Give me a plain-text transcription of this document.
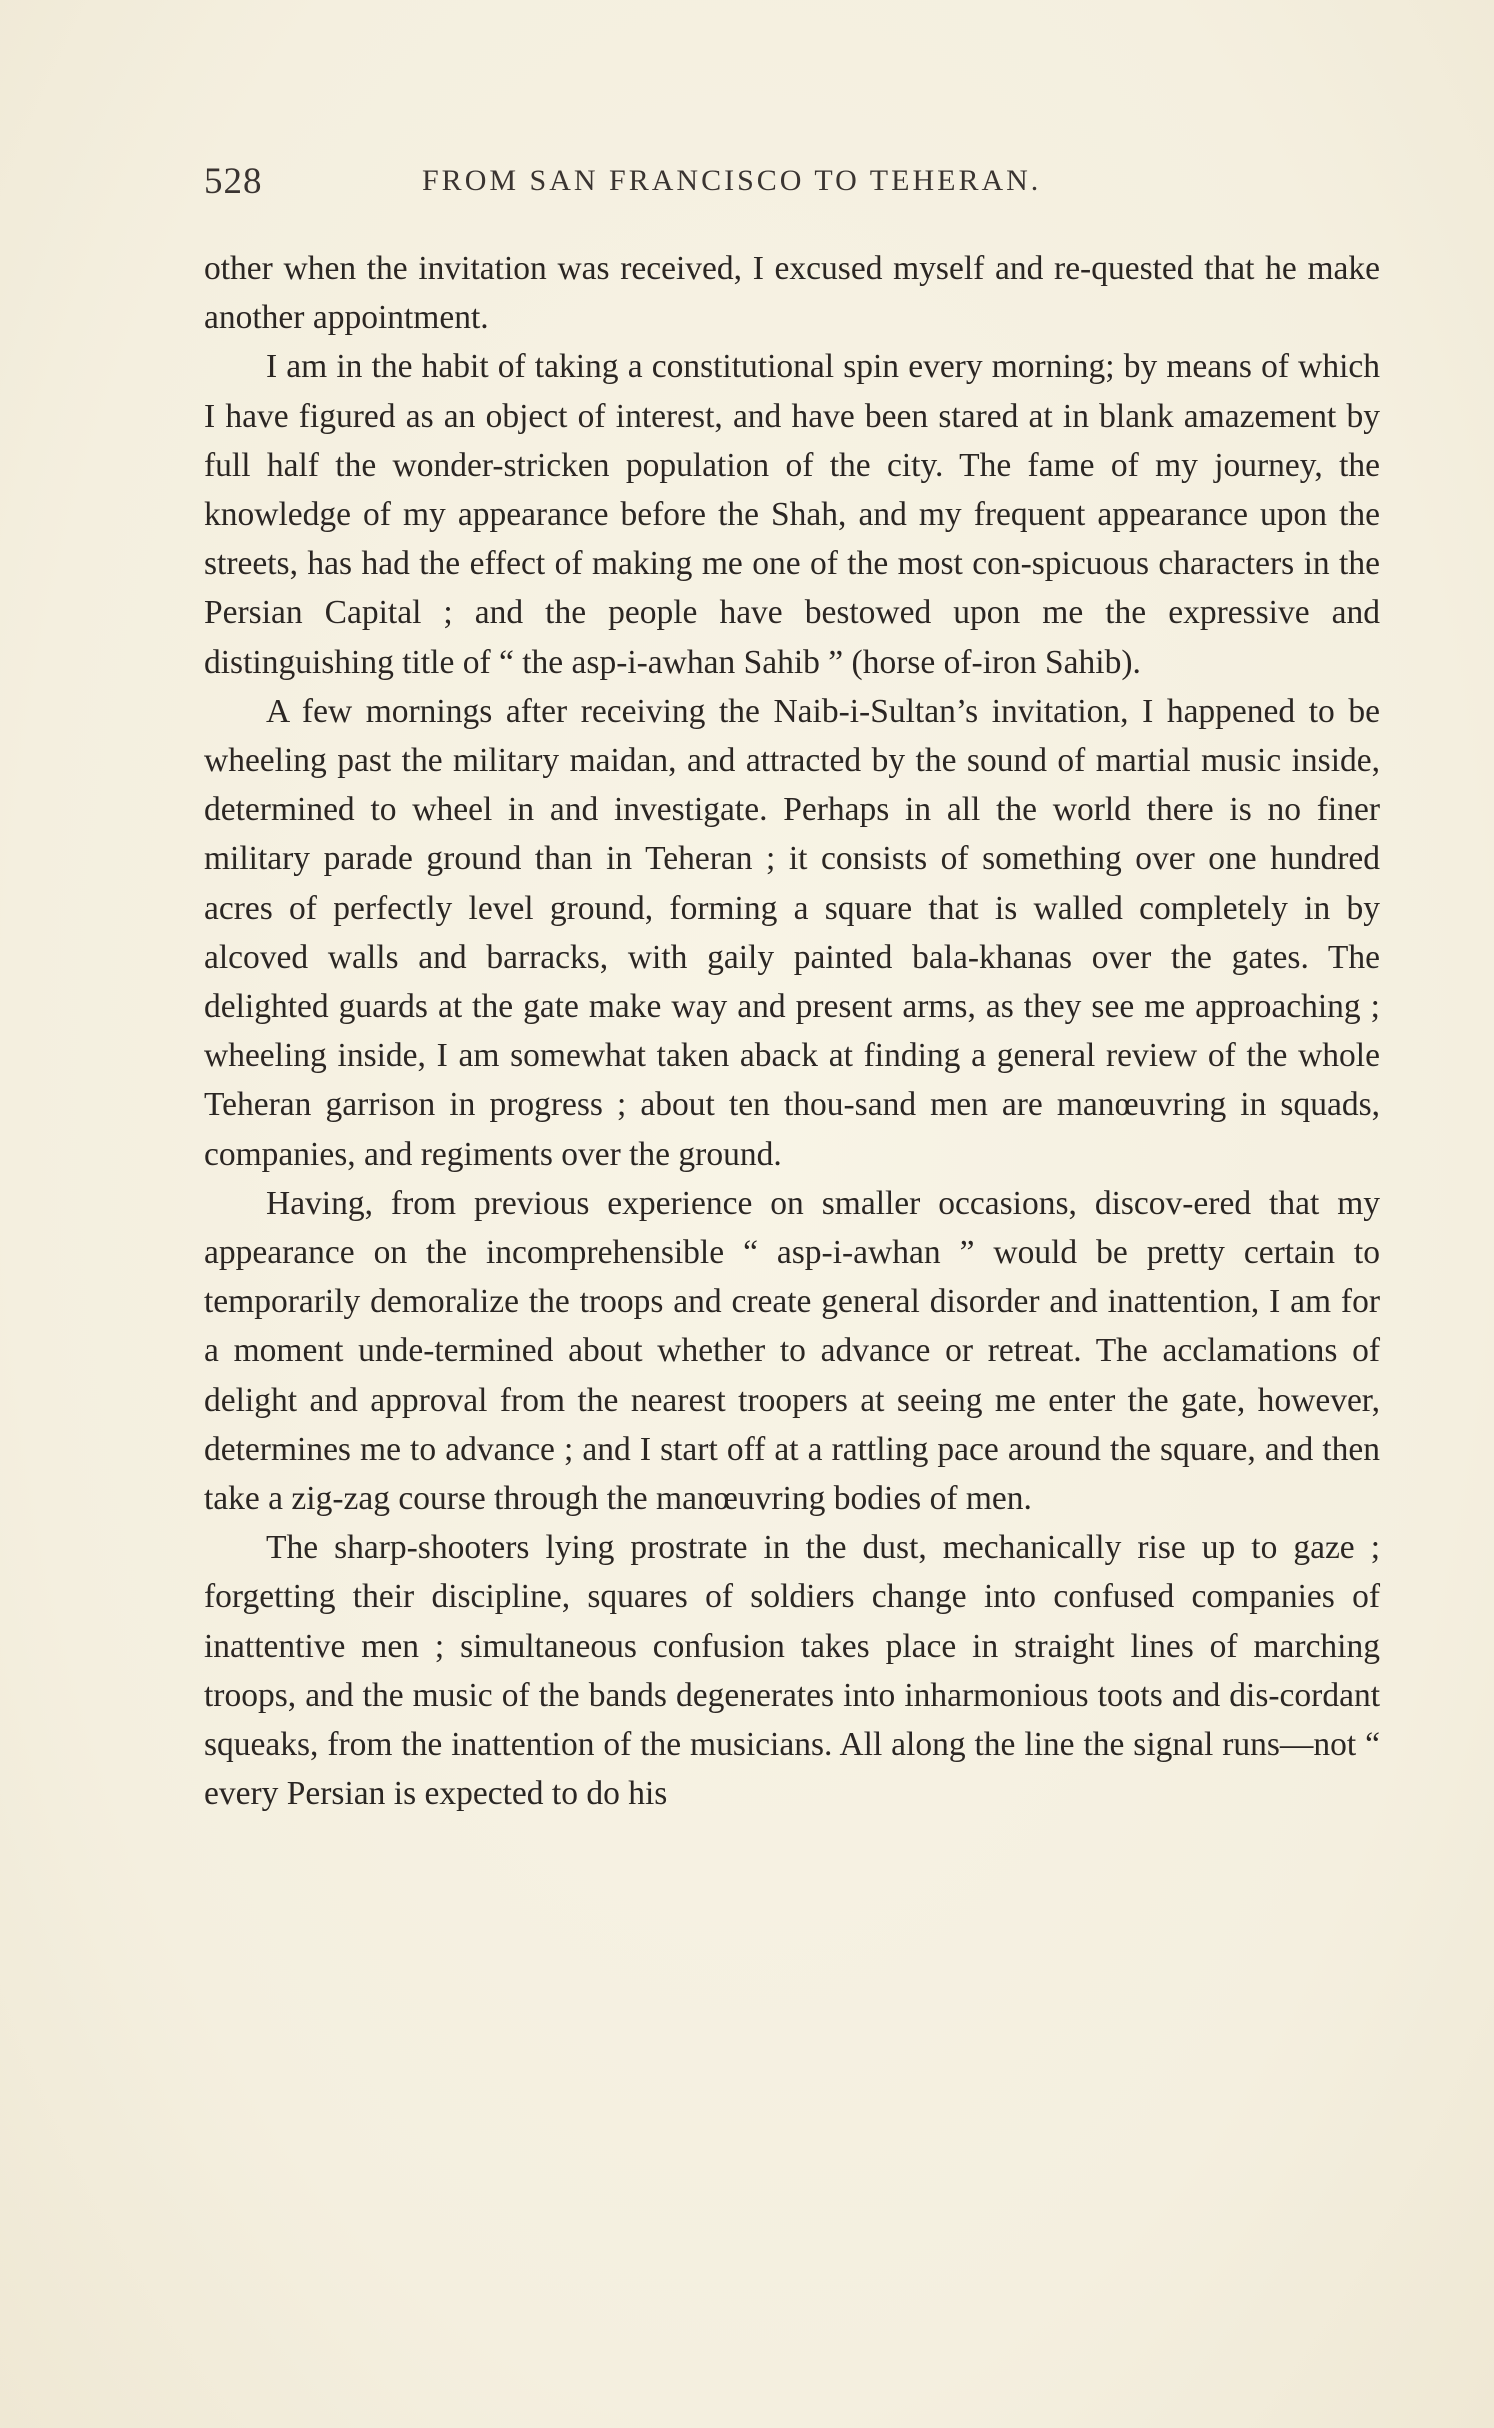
528	FROM SAN FRANCISCO TO TEHERAN.

other when the invitation was received, I excused myself and re-quested that he make another appointment.

I am in the habit of taking a constitutional spin every morning; by means of which I have figured as an object of interest, and have been stared at in blank amazement by full half the wonder-stricken population of the city. The fame of my journey, the knowledge of my appearance before the Shah, and my frequent appearance upon the streets, has had the effect of making me one of the most con-spicuous characters in the Persian Capital ; and the people have bestowed upon me the expressive and distinguishing title of “ the asp-i-awhan Sahib ” (horse of-iron Sahib).

A few mornings after receiving the Naib-i-Sultan’s invitation, I happened to be wheeling past the military maidan, and attracted by the sound of martial music inside, determined to wheel in and investigate. Perhaps in all the world there is no finer military parade ground than in Teheran ; it consists of something over one hundred acres of perfectly level ground, forming a square that is walled completely in by alcoved walls and barracks, with gaily painted bala-khanas over the gates. The delighted guards at the gate make way and present arms, as they see me approaching ; wheeling inside, I am somewhat taken aback at finding a general review of the whole Teheran garrison in progress ; about ten thou-sand men are manœuvring in squads, companies, and regiments over the ground.

Having, from previous experience on smaller occasions, discov-ered that my appearance on the incomprehensible “ asp-i-awhan ” would be pretty certain to temporarily demoralize the troops and create general disorder and inattention, I am for a moment unde-termined about whether to advance or retreat. The acclamations of delight and approval from the nearest troopers at seeing me enter the gate, however, determines me to advance ; and I start off at a rattling pace around the square, and then take a zig-zag course through the manœuvring bodies of men.

The sharp-shooters lying prostrate in the dust, mechanically rise up to gaze ; forgetting their discipline, squares of soldiers change into confused companies of inattentive men ; simultaneous confusion takes place in straight lines of marching troops, and the music of the bands degenerates into inharmonious toots and dis-cordant squeaks, from the inattention of the musicians. All along the line the signal runs—not “ every Persian is expected to do his
